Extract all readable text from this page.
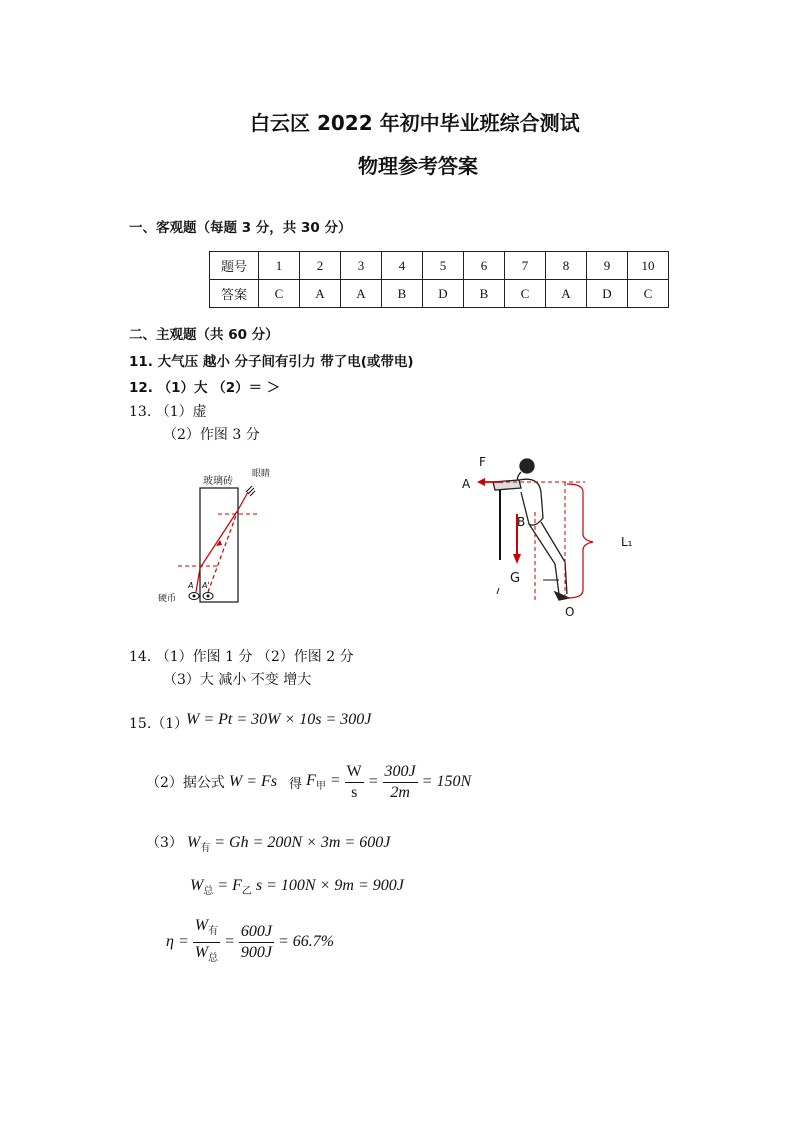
白云区 2022 年初中毕业班综合测试
物理参考答案
一、客观题（每题 3 分，共 30 分）
题号	1	2	3	4	5	6	7	8	9	10
答案	C	A	A	B	D	B	C	A	D	C
二、主观题（共 60 分）
11. 大气压 越小 分子间有引力 带了电(或带电)
12. （1）大 （2）＝ ＞
13. （1）虚
（2）作图 3 分
玻璃砖
眼睛
A A'
硬币
F
A
B
G
O
L₁
14. （1）作图 1 分 （2）作图 2 分
（3）大 减小 不变 增大
15.（1）
W = Pt = 30W × 10s = 300J
（2）据公式 W = Fs 得 $F_甲 = \frac{W}{s} = \frac{300J}{2m} = 150N$
（3） $W_有 = Gh = 200N \times 3m = 600J$
$W_总 = F_乙$ s = 100N × 9m = 900J
$\eta = \frac{W_有}{W_总} = \frac{600J}{900J} = 66.7\%$
